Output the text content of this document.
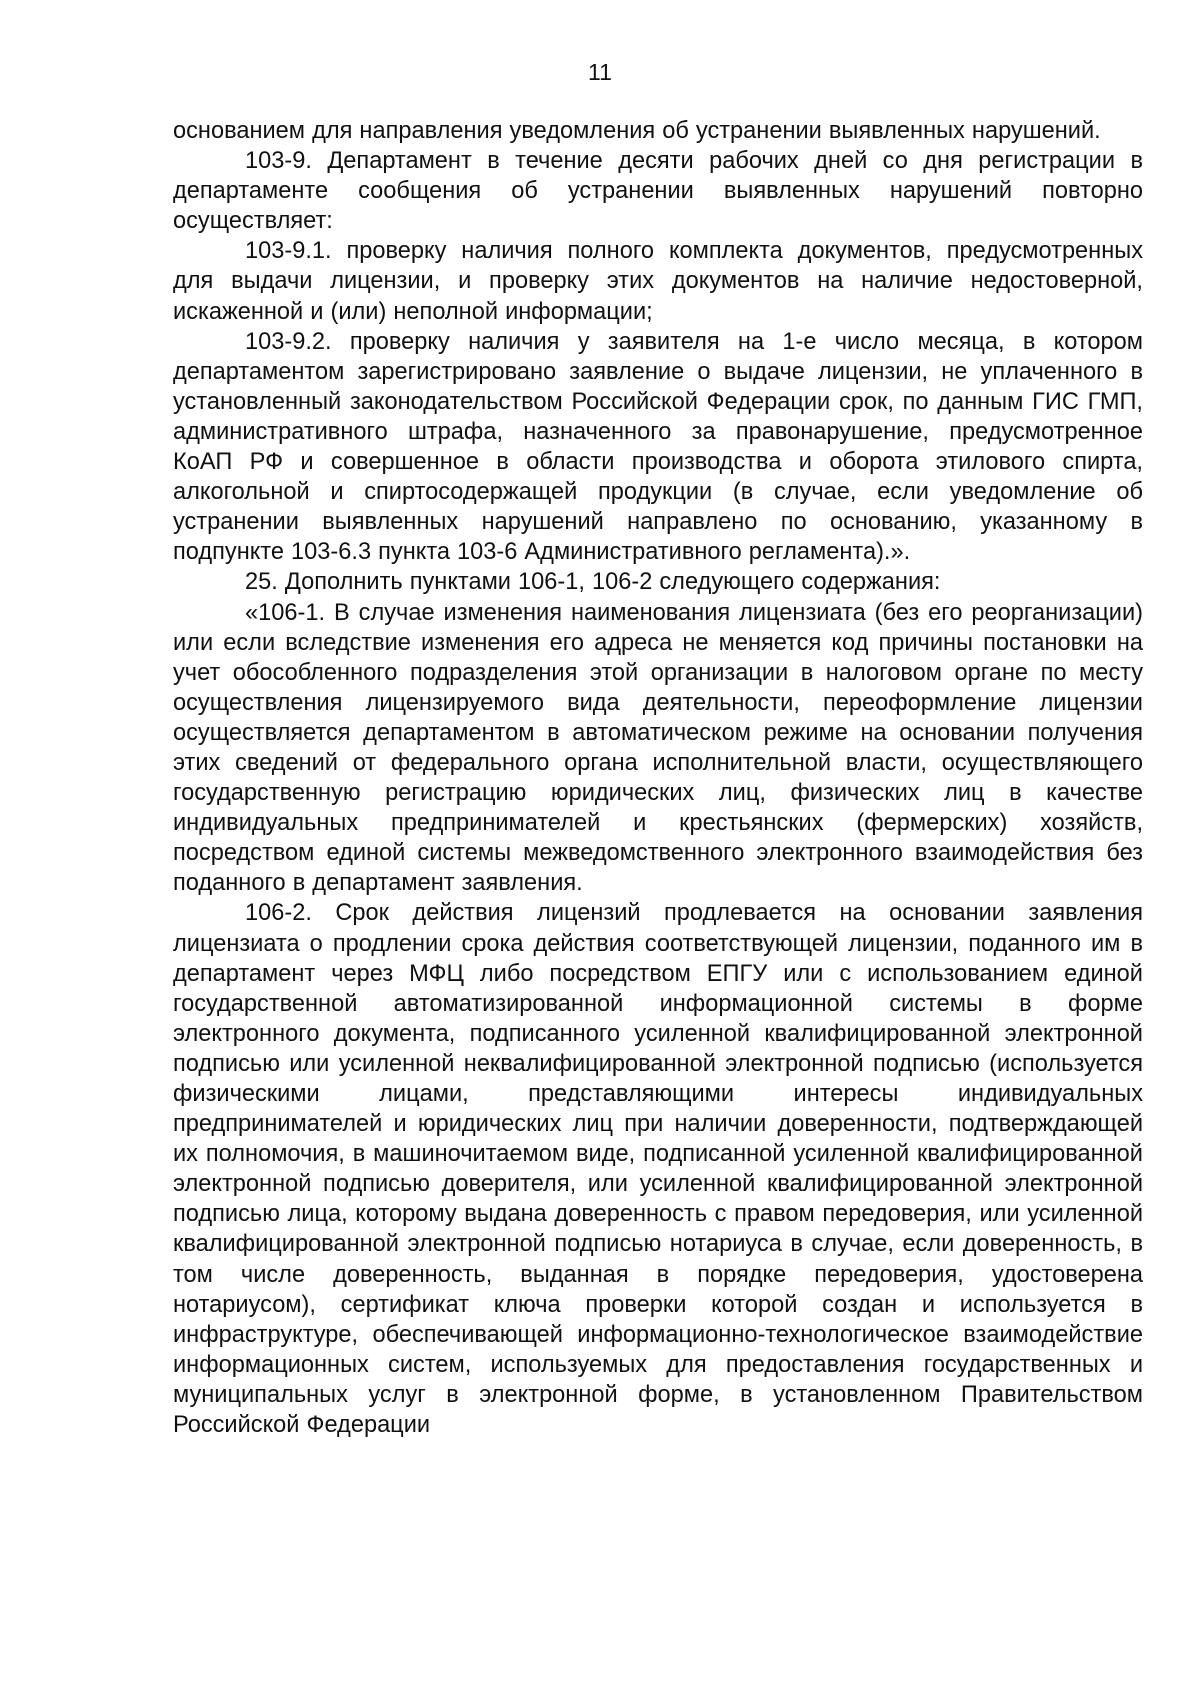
11

основанием для направления уведомления об устранении выявленных нарушений.

103-9. Департамент в течение десяти рабочих дней со дня регистрации в департаменте сообщения об устранении выявленных нарушений повторно осуществляет:

103-9.1. проверку наличия полного комплекта документов, предусмотренных для выдачи лицензии, и проверку этих документов на наличие недостоверной, искаженной и (или) неполной информации;

103-9.2. проверку наличия у заявителя на 1-е число месяца, в котором департаментом зарегистрировано заявление о выдаче лицензии, не уплаченного в установленный законодательством Российской Федерации срок, по данным ГИС ГМП, административного штрафа, назначенного за правонарушение, предусмотренное КоАП РФ и совершенное в области производства и оборота этилового спирта, алкогольной и спиртосодержащей продукции (в случае, если уведомление об устранении выявленных нарушений направлено по основанию, указанному в подпункте 103-6.3 пункта 103-6 Административного регламента).».

25. Дополнить пунктами 106-1, 106-2 следующего содержания:

«106-1. В случае изменения наименования лицензиата (без его реорганизации) или если вследствие изменения его адреса не меняется код причины постановки на учет обособленного подразделения этой организации в налоговом органе по месту осуществления лицензируемого вида деятельности, переоформление лицензии осуществляется департаментом в автоматическом режиме на основании получения этих сведений от федерального органа исполнительной власти, осуществляющего государственную регистрацию юридических лиц, физических лиц в качестве индивидуальных предпринимателей и крестьянских (фермерских) хозяйств, посредством единой системы межведомственного электронного взаимодействия без поданного в департамент заявления.

106-2. Срок действия лицензий продлевается на основании заявления лицензиата о продлении срока действия соответствующей лицензии, поданного им в департамент через МФЦ либо посредством ЕПГУ или с использованием единой государственной автоматизированной информационной системы в форме электронного документа, подписанного усиленной квалифицированной электронной подписью или усиленной неквалифицированной электронной подписью (используется физическими лицами, представляющими интересы индивидуальных предпринимателей и юридических лиц при наличии доверенности, подтверждающей их полномочия, в машиночитаемом виде, подписанной усиленной квалифицированной электронной подписью доверителя, или усиленной квалифицированной электронной подписью лица, которому выдана доверенность с правом передоверия, или усиленной квалифицированной электронной подписью нотариуса в случае, если доверенность, в том числе доверенность, выданная в порядке передоверия, удостоверена нотариусом), сертификат ключа проверки которой создан и используется в инфраструктуре, обеспечивающей информационно-технологическое взаимодействие информационных систем, используемых для предоставления государственных и муниципальных услуг в электронной форме, в установленном Правительством Российской Федерации
